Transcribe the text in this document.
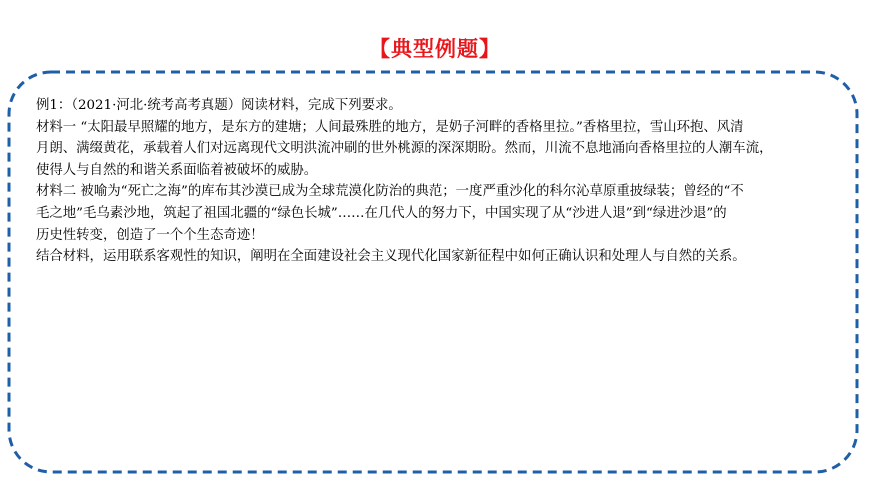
【典型例题】

例1：（2021·河北·统考高考真题）阅读材料，完成下列要求。

材料一 “太阳最早照耀的地方，是东方的建塘；人间最殊胜的地方，是奶子河畔的香格里拉。”香格里拉，雪山环抱、风清

月朗、满缀黄花，承载着人们对远离现代文明洪流冲刷的世外桃源的深深期盼。然而，川流不息地涌向香格里拉的人潮车流，

使得人与自然的和谐关系面临着被破坏的威胁。

材料二 被喻为“死亡之海”的库布其沙漠已成为全球荒漠化防治的典范；一度严重沙化的科尔沁草原重披绿装；曾经的“不

毛之地”毛乌素沙地，筑起了祖国北疆的“绿色长城”……在几代人的努力下，中国实现了从“沙进人退”到“绿进沙退”的

历史性转变，创造了一个个生态奇迹！

结合材料，运用联系客观性的知识，阐明在全面建设社会主义现代化国家新征程中如何正确认识和处理人与自然的关系。
